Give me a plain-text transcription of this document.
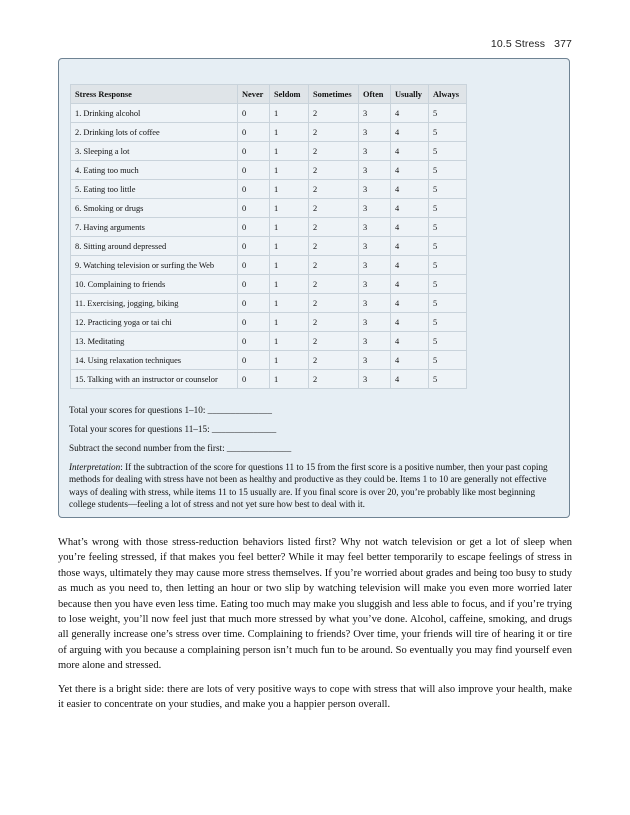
10.5 Stress 377
Stress Response	Never	Seldom	Sometimes	Often	Usually	Always
1. Drinking alcohol	0	1	2	3	4	5
2. Drinking lots of coffee	0	1	2	3	4	5
3. Sleeping a lot	0	1	2	3	4	5
4. Eating too much	0	1	2	3	4	5
5. Eating too little	0	1	2	3	4	5
6. Smoking or drugs	0	1	2	3	4	5
7. Having arguments	0	1	2	3	4	5
8. Sitting around depressed	0	1	2	3	4	5
9. Watching television or surfing the Web	0	1	2	3	4	5
10. Complaining to friends	0	1	2	3	4	5
11. Exercising, jogging, biking	0	1	2	3	4	5
12. Practicing yoga or tai chi	0	1	2	3	4	5
13. Meditating	0	1	2	3	4	5
14. Using relaxation techniques	0	1	2	3	4	5
15. Talking with an instructor or counselor	0	1	2	3	4	5
Total your scores for questions 1–10: ______________
Total your scores for questions 11–15: ______________
Subtract the second number from the first: ______________
Interpretation: If the subtraction of the score for questions 11 to 15 from the first score is a positive number, then your past coping methods for dealing with stress have not been as healthy and productive as they could be. Items 1 to 10 are generally not effective ways of dealing with stress, while items 11 to 15 usually are. If you final score is over 20, you’re probably like most beginning college students—feeling a lot of stress and not yet sure how best to deal with it.

What’s wrong with those stress-reduction behaviors listed first? Why not watch television or get a lot of sleep when you’re feeling stressed, if that makes you feel better? While it may feel better temporarily to escape feelings of stress in those ways, ultimately they may cause more stress themselves. If you’re worried about grades and being too busy to study as much as you need to, then letting an hour or two slip by watching television will make you even more worried later because then you have even less time. Eating too much may make you sluggish and less able to focus, and if you’re trying to lose weight, you’ll now feel just that much more stressed by what you’ve done. Alcohol, caffeine, smoking, and drugs all generally increase one’s stress over time. Complaining to friends? Over time, your friends will tire of hearing it or tire of arguing with you because a complaining person isn’t much fun to be around. So eventually you may find yourself even more alone and stressed.

Yet there is a bright side: there are lots of very positive ways to cope with stress that will also improve your health, make it easier to concentrate on your studies, and make you a happier person overall.
